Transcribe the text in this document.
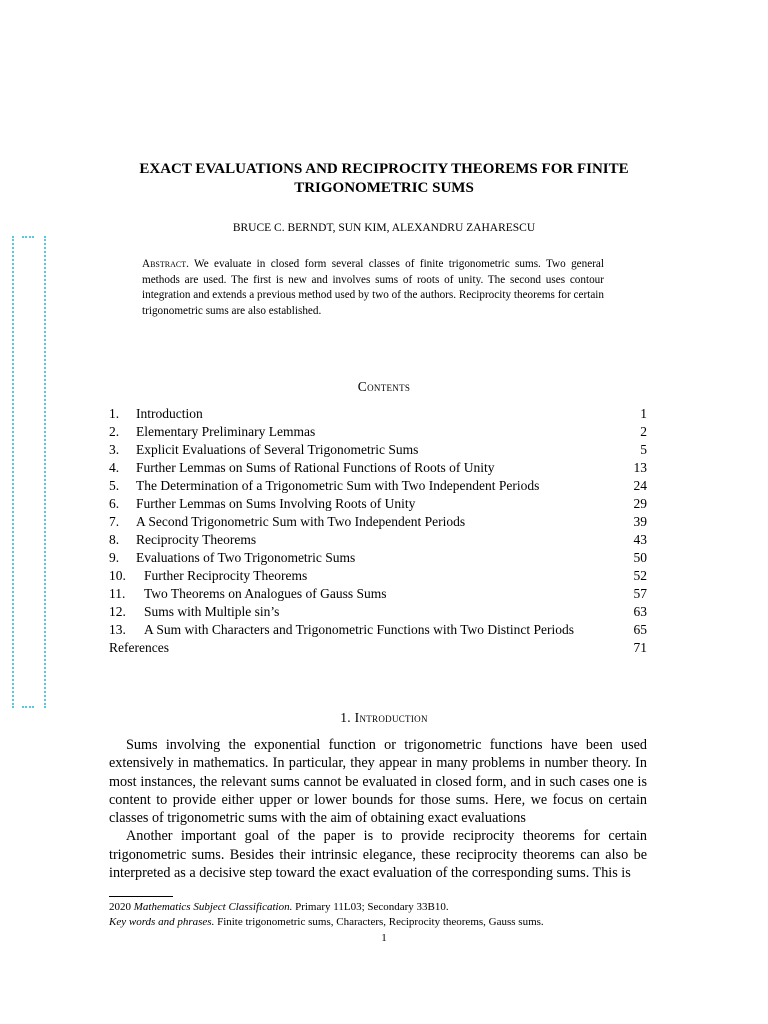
EXACT EVALUATIONS AND RECIPROCITY THEOREMS FOR FINITE
TRIGONOMETRIC SUMS
BRUCE C. BERNDT, SUN KIM, ALEXANDRU ZAHARESCU
Abstract. We evaluate in closed form several classes of finite trigonometric sums. Two general methods are used. The first is new and involves sums of roots of unity. The second uses contour integration and extends a previous method used by two of the authors. Reciprocity theorems for certain trigonometric sums are also established.
Contents
1.	Introduction	1
2.	Elementary Preliminary Lemmas	2
3.	Explicit Evaluations of Several Trigonometric Sums	5
4.	Further Lemmas on Sums of Rational Functions of Roots of Unity	13
5.	The Determination of a Trigonometric Sum with Two Independent Periods	24
6.	Further Lemmas on Sums Involving Roots of Unity	29
7.	A Second Trigonometric Sum with Two Independent Periods	39
8.	Reciprocity Theorems	43
9.	Evaluations of Two Trigonometric Sums	50
10.	Further Reciprocity Theorems	52
11.	Two Theorems on Analogues of Gauss Sums	57
12.	Sums with Multiple sin’s	63
13.	A Sum with Characters and Trigonometric Functions with Two Distinct Periods	65
References	71
1. Introduction

Sums involving the exponential function or trigonometric functions have been used extensively in mathematics. In particular, they appear in many problems in number theory. In most instances, the relevant sums cannot be evaluated in closed form, and in such cases one is content to provide either upper or lower bounds for those sums. Here, we focus on certain classes of trigonometric sums with the aim of obtaining exact evaluations

Another important goal of the paper is to provide reciprocity theorems for certain trigonometric sums. Besides their intrinsic elegance, these reciprocity theorems can also be interpreted as a decisive step toward the exact evaluation of the corresponding sums. This is

2020 Mathematics Subject Classification. Primary 11L03; Secondary 33B10.
Key words and phrases. Finite trigonometric sums, Characters, Reciprocity theorems, Gauss sums.
1
